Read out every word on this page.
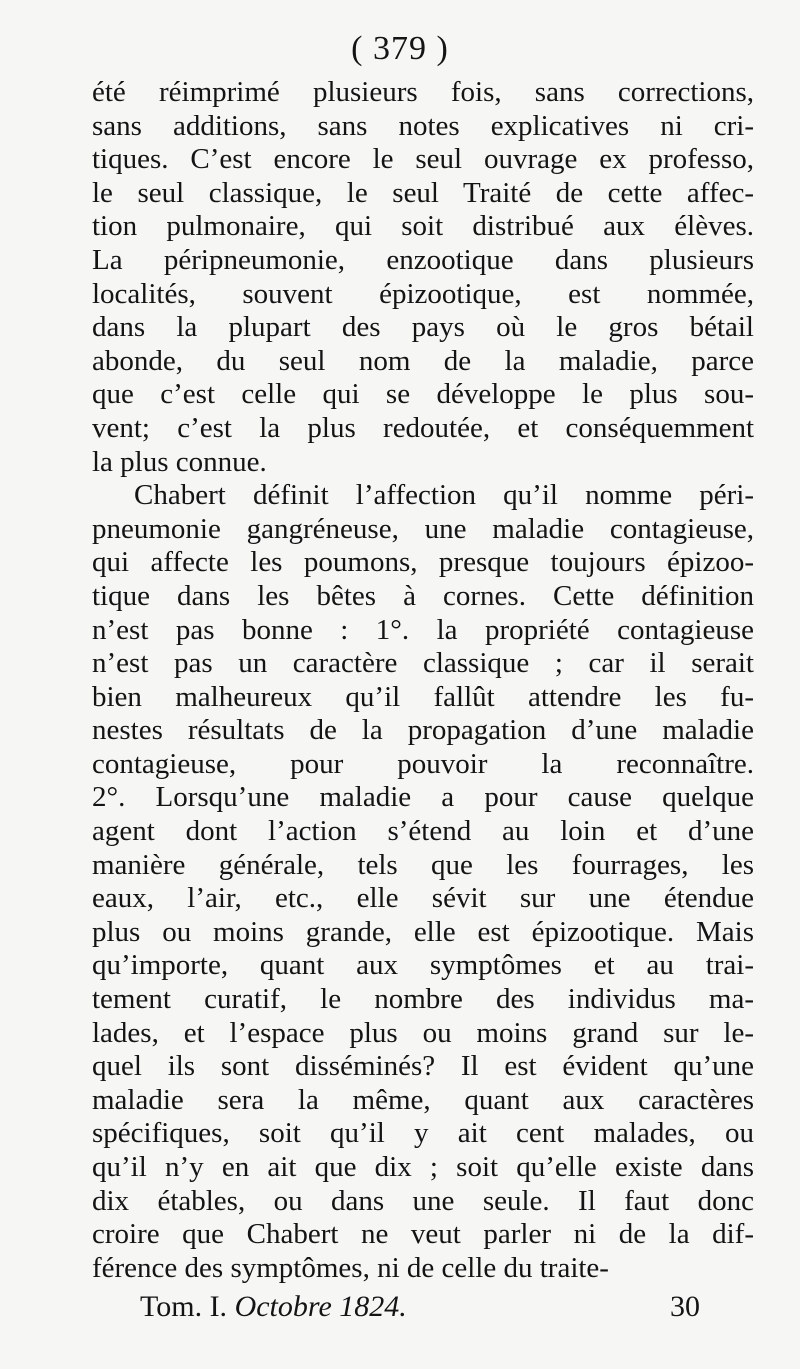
( 379 )
été réimprimé plusieurs fois, sans corrections,
sans additions, sans notes explicatives ni cri-
tiques. C’est encore le seul ouvrage ex professo,
le seul classique, le seul Traité de cette affec-
tion pulmonaire, qui soit distribué aux élèves.
La péripneumonie, enzootique dans plusieurs
localités, souvent épizootique, est nommée,
dans la plupart des pays où le gros bétail
abonde, du seul nom de la maladie, parce
que c’est celle qui se développe le plus sou-
vent; c’est la plus redoutée, et conséquemment
la plus connue.
Chabert définit l’affection qu’il nomme péri-
pneumonie gangréneuse, une maladie contagieuse,
qui affecte les poumons, presque toujours épizoo-
tique dans les bêtes à cornes. Cette définition
n’est pas bonne : 1°. la propriété contagieuse
n’est pas un caractère classique ; car il serait
bien malheureux qu’il fallût attendre les fu-
nestes résultats de la propagation d’une maladie
contagieuse, pour pouvoir la reconnaître.
2°. Lorsqu’une maladie a pour cause quelque
agent dont l’action s’étend au loin et d’une
manière générale, tels que les fourrages, les
eaux, l’air, etc., elle sévit sur une étendue
plus ou moins grande, elle est épizootique. Mais
qu’importe, quant aux symptômes et au trai-
tement curatif, le nombre des individus ma-
lades, et l’espace plus ou moins grand sur le-
quel ils sont disséminés? Il est évident qu’une
maladie sera la même, quant aux caractères
spécifiques, soit qu’il y ait cent malades, ou
qu’il n’y en ait que dix ; soit qu’elle existe dans
dix étables, ou dans une seule. Il faut donc
croire que Chabert ne veut parler ni de la dif-
férence des symptômes, ni de celle du traite-
Tom. I. Octobre 1824.	30
